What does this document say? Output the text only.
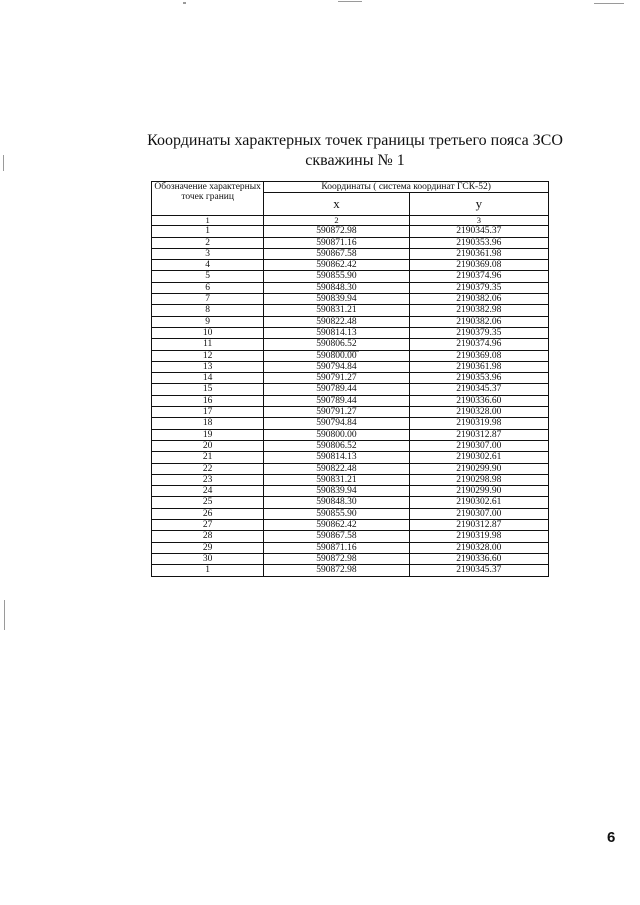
Координаты характерных точек границы третьего пояса ЗСО
скважины № 1
Обозначение характерных точек границ	Координаты ( система координат ГСК-52)	
	x	y
1	2	3
1	590872.98	2190345.37
2	590871.16	2190353.96
3	590867.58	2190361.98
4	590862.42	2190369.08
5	590855.90	2190374.96
6	590848.30	2190379.35
7	590839.94	2190382.06
8	590831.21	2190382.98
9	590822.48	2190382.06
10	590814.13	2190379.35
11	590806.52	2190374.96
12	590800.00	2190369.08
13	590794.84	2190361.98
14	590791.27	2190353.96
15	590789.44	2190345.37
16	590789.44	2190336.60
17	590791.27	2190328.00
18	590794.84	2190319.98
19	590800.00	2190312.87
20	590806.52	2190307.00
21	590814.13	2190302.61
22	590822.48	2190299.90
23	590831.21	2190298.98
24	590839.94	2190299.90
25	590848.30	2190302.61
26	590855.90	2190307.00
27	590862.42	2190312.87
28	590867.58	2190319.98
29	590871.16	2190328.00
30	590872.98	2190336.60
1	590872.98	2190345.37
6
